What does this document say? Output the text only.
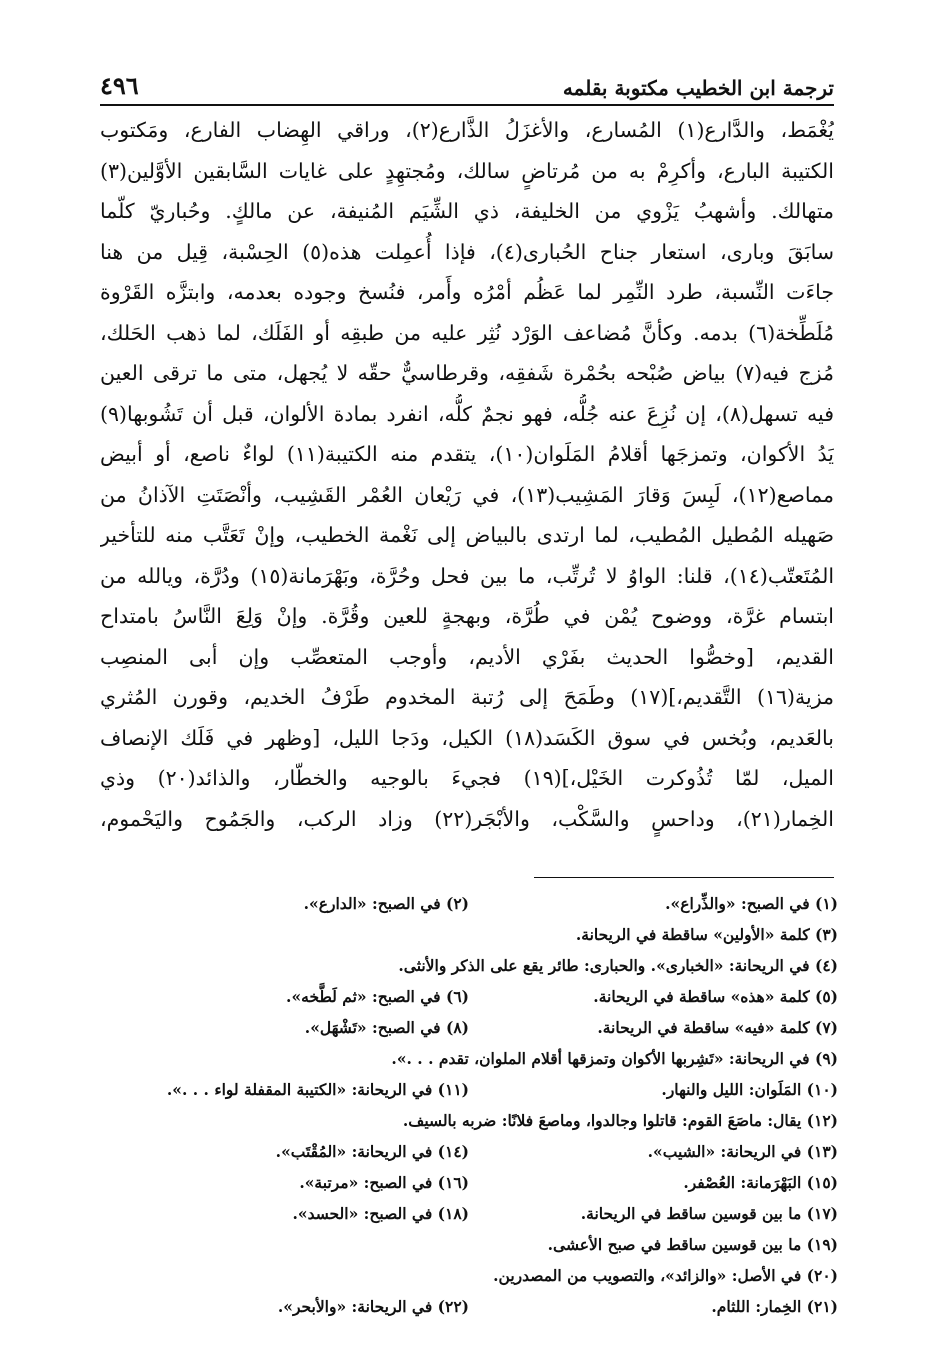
ترجمة ابن الخطيب مكتوبة بقلمه
٤٩٦
يُغْمَط، والدَّارع(١) المُسارع، والأغزَلُ الذَّارع(٢)، وراقي الهِضاب الفارع، ومَكتوب
الكتيبة البارع، وأكرِمْ به من مُرتاضٍ سالك، ومُجتهِدٍ على غايات السَّابقين الأوَّلين(٣)
متهالك. وأشهبُ يَزْوي من الخليفة، ذي الشِّيَم المُنيفة، عن مالكٍ. وحُباريّ كلّما
سابَقَ وبارى، استعار جناح الحُبارى(٤)، فإذا أُعمِلت هذه(٥) الحِسْبة، قِيل من هنا
جاءَت النِّسبة، طرد النِّمِر لما عَظُم أمْرُه وأَمر، فنُسخ وجوده بعدمه، وابتزَّه القَرْوة
مُلَطِّخة(٦) بدمه. وكأنَّ مُضاعف الوَرْد نُثِر عليه من طبقِه أو الفَلَك، لما ذهب الحَلك،
مُزج فيه(٧) بياض صُبْحه بحُمْرة شَفقِه، وقرطاسيٌّ حقّه لا يُجهل، متى ما ترقى العين
فيه تسهل(٨)، إن نُزِعَ عنه جُلُّه، فهو نجمٌ كلُّه، انفرد بمادة الألوان، قبل أن تَشُوبها(٩)
يَدُ الأكوان، وتمزجَها أقلامُ المَلَوان(١٠)، يتقدم منه الكتيبة(١١) لواءٌ ناصع، أو أبيض
مماصع(١٢)، لَبِسَ وَقارَ المَشِيب(١٣)، في رَيْعان العُمْر القَشِيب، وأنْصَتَتِ الآذانُ من
صَهيله المُطيل المُطيب، لما ارتدى بالبياض إلى نَغْمة الخطيب، وإنْ تَعَتَّب منه للتأخير
المُتَعتّب(١٤)، قلنا: الواوُ لا تُرتِّب، ما بين فحل وحُرَّة، وبَهْرَمانة(١٥) ودُرَّة، ويالله من
ابتسام غرَّة، ووضوح يُمْن في طُرَّة، وبهجةٍ للعين وقُرَّة. وإنْ وَلِعَ النَّاسُ بامتداح
القديم، [وخصُّوا الحديث بفَرْي الأديم، وأوجب المتعصِّب وإن أبى المنصِب
مزية(١٦) التَّقديم،](١٧) وطَمَحَ إلى رُتبة المخدوم طَرْفُ الخديم، وقورن المُثري
بالعَديم، وبُخس في سوق الكَسَد(١٨) الكيل، ودَجا الليل، [وظهر في فَلَك الإنصاف
الميل، لمّا تُذُوكرت الخَيْل،](١٩) فجيءَ بالوجيه والخطّار، والذائد(٢٠) وذي
الخِمار(٢١)، وداحسٍ والسَّكْب، والأبْجَر(٢٢) وزاد الركب، والجَمُوح واليَحْموم،
(١) في الصبح: «والذِّراع».
(٢) في الصبح: «الدارع».
(٣) كلمة «الأولين» ساقطة في الريحانة.
(٤) في الريحانة: «الخبارى». والحبارى: طائر يقع على الذكر والأنثى.
(٥) كلمة «هذه» ساقطة في الريحانة.
(٦) في الصبح: «ثم لَطَّخه».
(٧) كلمة «فيه» ساقطة في الريحانة.
(٨) في الصبح: «تَشْهَل».
(٩) في الريحانة: «تَشِربها الأكوان وتمزقها أقلام الملوان، تقدم . . .».
(١٠) المَلَوان: الليل والنهار.
(١١) في الريحانة: «الكتيبة المقفلة لواء . . .».
(١٢) يقال: ماصَعَ القوم: قاتلوا وجالدوا، وماصعَ فلانًا: ضربه بالسيف.
(١٣) في الريحانة: «الشيب».
(١٤) في الريحانة: «المُقْتَب».
(١٥) البَهْرَمانة: العُصْفر.
(١٦) في الصبح: «مرتبة».
(١٧) ما بين قوسين ساقط في الريحانة.
(١٨) في الصبح: «الحسد».
(١٩) ما بين قوسين ساقط في صبح الأعشى.
(٢٠) في الأصل: «والزائد»، والتصويب من المصدرين.
(٢١) الخِمار: اللثام.
(٢٢) في الريحانة: «والأبحر».
